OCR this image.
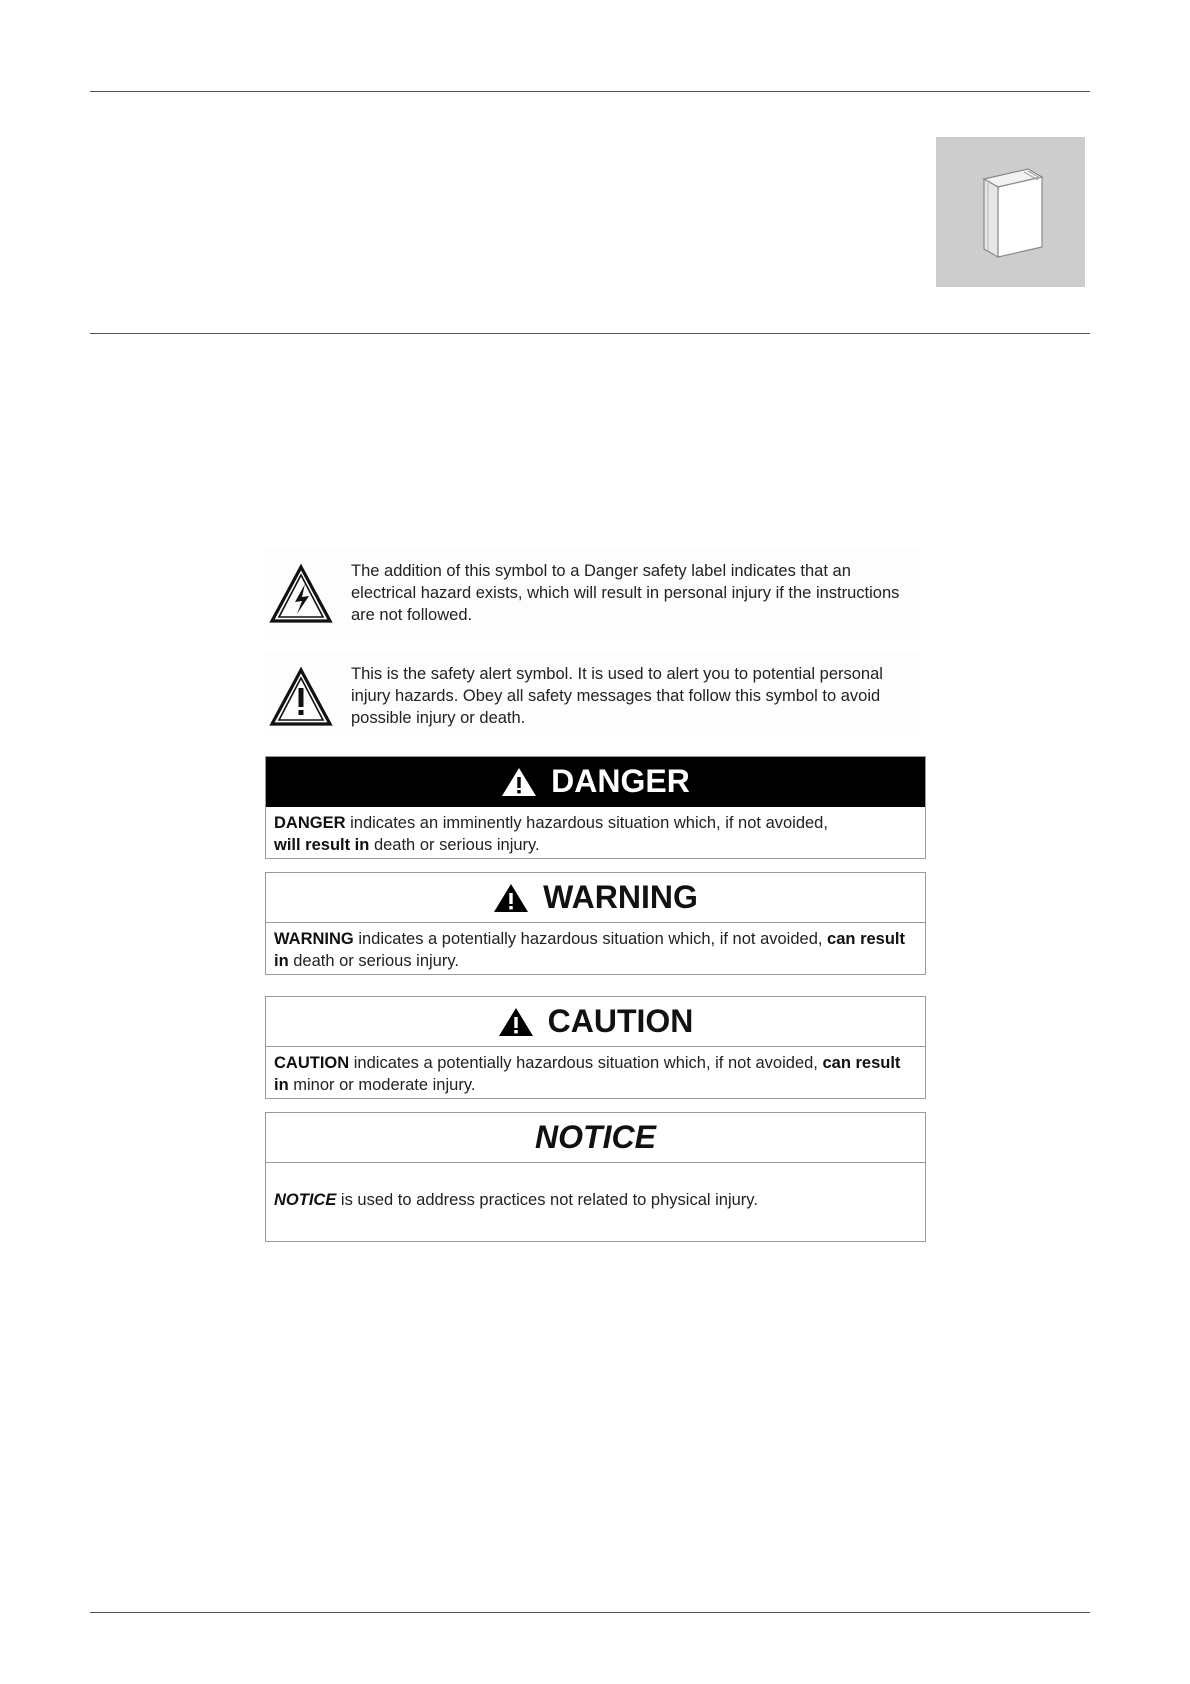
The addition of this symbol to a Danger safety label indicates that an electrical hazard exists, which will result in personal injury if the instructions are not followed.
This is the safety alert symbol. It is used to alert you to potential personal injury hazards. Obey all safety messages that follow this symbol to avoid possible injury or death.
DANGER
DANGER indicates an imminently hazardous situation which, if not avoided,
will result in death or serious injury.
WARNING
WARNING indicates a potentially hazardous situation which, if not avoided, can result in death or serious injury.
CAUTION
CAUTION indicates a potentially hazardous situation which, if not avoided, can result in minor or moderate injury.
NOTICE
NOTICE is used to address practices not related to physical injury.
